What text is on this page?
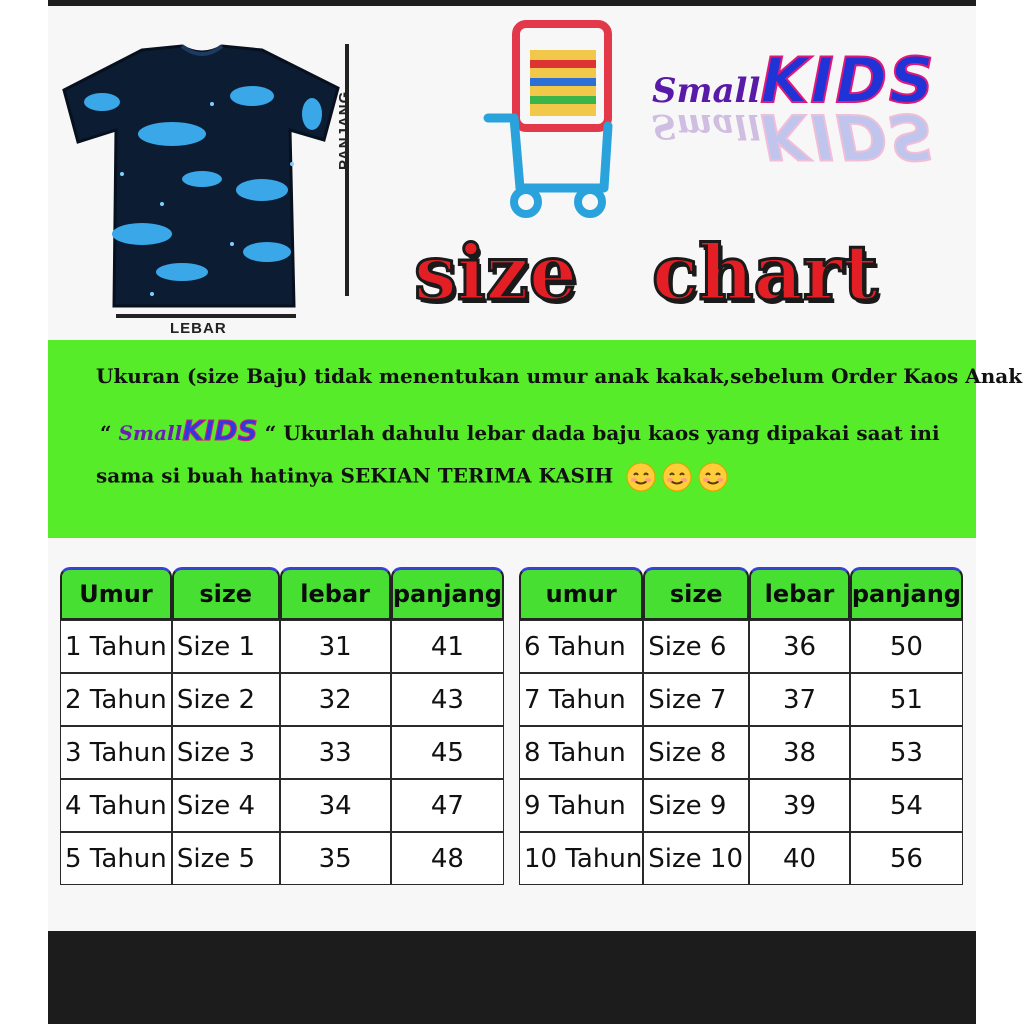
PANJANG
LEBAR
SmallKIDS
SmallKIDS
size chart
Ukuran (size Baju) tidak menentukan umur anak kakak,sebelum Order Kaos Anak
“ SmallKIDS “ Ukurlah dahulu lebar dada baju kaos yang dipakai saat ini
sama si buah hatinya SEKIAN TERIMA KASIH
Umur	size	lebar	panjang
1 Tahun	Size 1	31	41
2 Tahun	Size 2	32	43
3 Tahun	Size 3	33	45
4 Tahun	Size 4	34	47
5 Tahun	Size 5	35	48
umur	size	lebar	panjang
6 Tahun	Size 6	36	50
7 Tahun	Size 7	37	51
8 Tahun	Size 8	38	53
9 Tahun	Size 9	39	54
10 Tahun	Size 10	40	56
